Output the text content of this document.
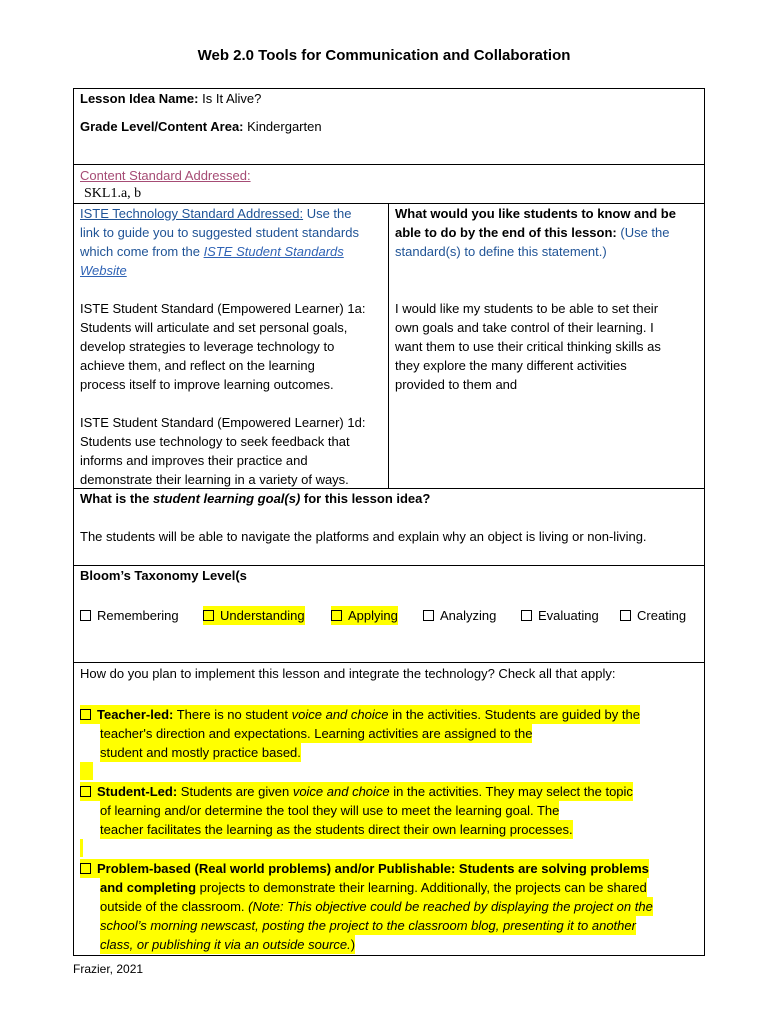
Web 2.0 Tools for Communication and Collaboration
Lesson Idea Name: Is It Alive?
Grade Level/Content Area: Kindergarten
Content Standard Addressed:
SKL1.a, b
ISTE Technology Standard Addressed: Use the
link to guide you to suggested student standards
which come from the ISTE Student Standards
Website
ISTE Student Standard (Empowered Learner) 1a:
Students will articulate and set personal goals,
develop strategies to leverage technology to
achieve them, and reflect on the learning
process itself to improve learning outcomes.
ISTE Student Standard (Empowered Learner) 1d:
Students use technology to seek feedback that
informs and improves their practice and
demonstrate their learning in a variety of ways.
What would you like students to know and be
able to do by the end of this lesson: (Use the
standard(s) to define this statement.)
I would like my students to be able to set their
own goals and take control of their learning. I
want them to use their critical thinking skills as
they explore the many different activities
provided to them and
What is the student learning goal(s) for this lesson idea?
The students will be able to navigate the platforms and explain why an object is living or non-living.
Bloom’s Taxonomy Level(s
Remembering	Understanding	Applying	Analyzing	Evaluating	Creating
How do you plan to implement this lesson and integrate the technology? Check all that apply:
Teacher-led: There is no student voice and choice in the activities. Students are guided by the
teacher's direction and expectations. Learning activities are assigned to the
student and mostly practice based.
Student-Led: Students are given voice and choice in the activities. They may select the topic
of learning and/or determine the tool they will use to meet the learning goal. The
teacher facilitates the learning as the students direct their own learning processes.
Problem-based (Real world problems) and/or Publishable: Students are solving problems
and completing projects to demonstrate their learning. Additionally, the projects can be shared
outside of the classroom. (Note: This objective could be reached by displaying the project on the
school’s morning newscast, posting the project to the classroom blog, presenting it to another
class, or publishing it via an outside source.)
Frazier, 2021
